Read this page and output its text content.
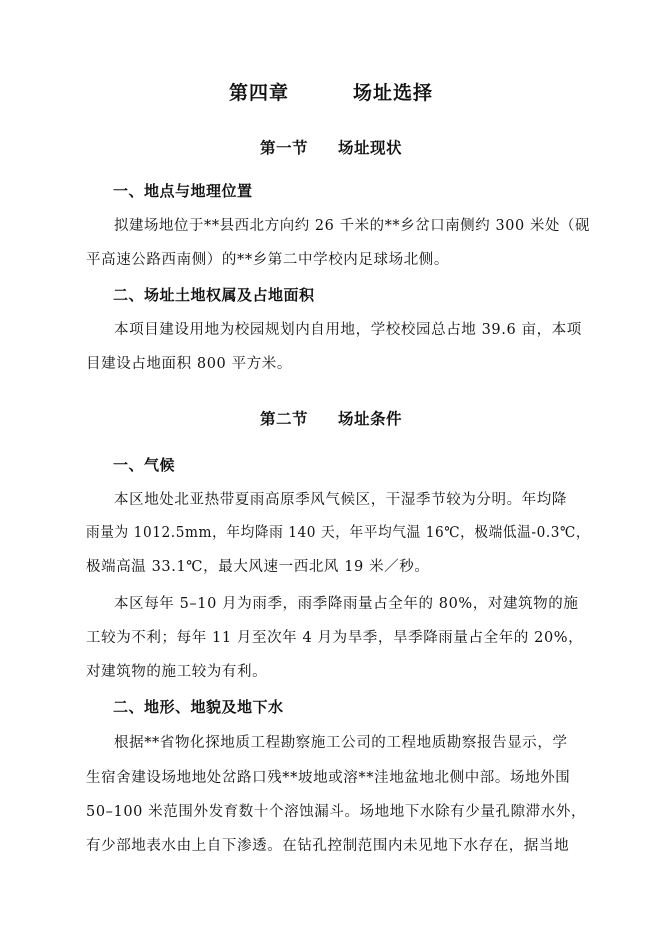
第四章	场址选择
第一节 场址现状
一、地点与地理位置
拟建场地位于**县西北方向约 26 千米的**乡岔口南侧约 300 米处（砚
平高速公路西南侧）的**乡第二中学校内足球场北侧。
二、场址土地权属及占地面积
本项目建设用地为校园规划内自用地，学校校园总占地 39.6 亩，本项
目建设占地面积 800 平方米。
第二节 场址条件
一、气候
本区地处北亚热带夏雨高原季风气候区，干湿季节较为分明。年均降
雨量为 1012.5mm，年均降雨 140 天，年平均气温 16℃，极端低温-0.3℃，
极端高温 33.1℃，最大风速一西北风 19 米／秒。
本区每年 5–10 月为雨季，雨季降雨量占全年的 80%，对建筑物的施
工较为不利；每年 11 月至次年 4 月为旱季，旱季降雨量占全年的 20%，
对建筑物的施工较为有利。
二、地形、地貌及地下水
根据**省物化探地质工程勘察施工公司的工程地质勘察报告显示，学
生宿舍建设场地地处岔路口残**坡地或溶**洼地盆地北侧中部。场地外围
50–100 米范围外发育数十个溶蚀漏斗。场地地下水除有少量孔隙滞水外，
有少部地表水由上自下渗透。在钻孔控制范围内未见地下水存在，据当地
